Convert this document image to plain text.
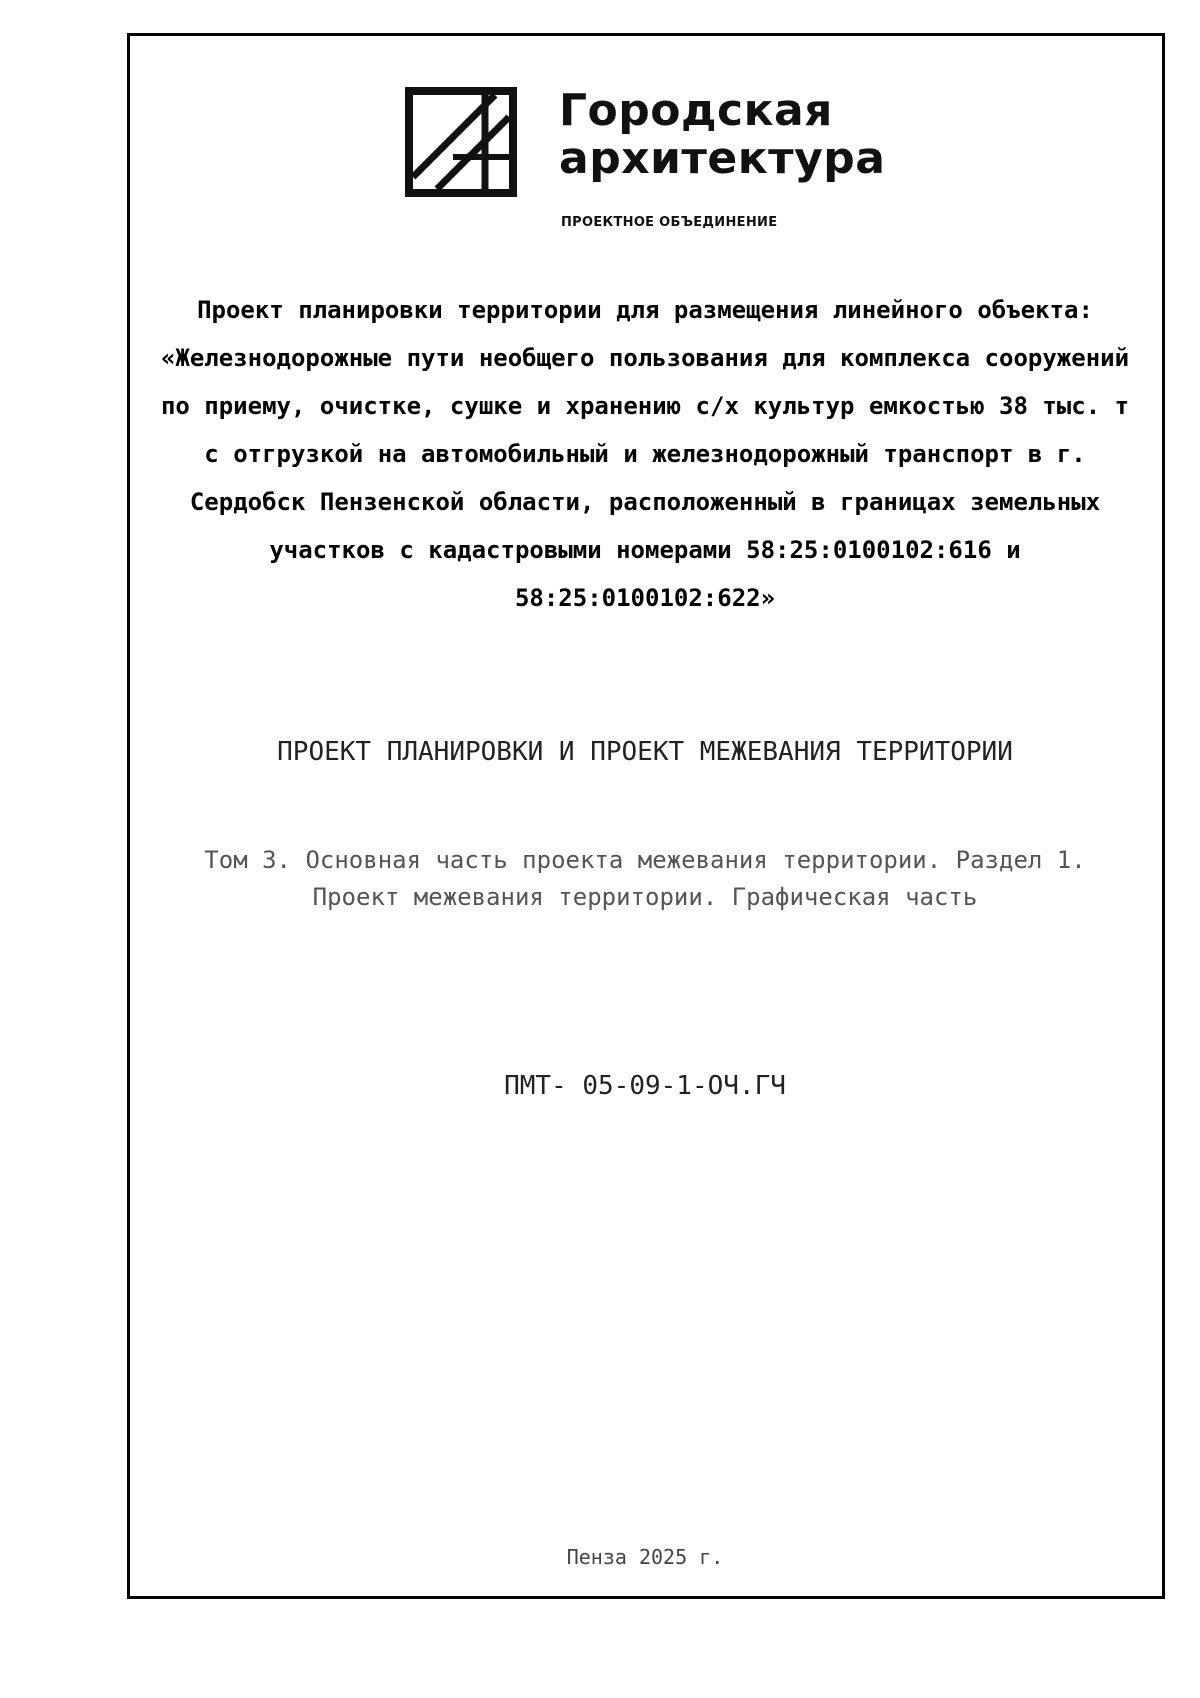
Городская
архитектура
ПРОЕКТНОЕ ОБЪЕДИНЕНИЕ

Проект планировки территории для размещения линейного объекта: «Железнодорожные пути необщего пользования для комплекса сооружений по приему, очистке, сушке и хранению с/х культур емкостью 38 тыс. т с отгрузкой на автомобильный и железнодорожный транспорт в г. Сердобск Пензенской области, расположенный в границах земельных участков с кадастровыми номерами 58:25:0100102:616 и 58:25:0100102:622»

ПРОЕКТ ПЛАНИРОВКИ И ПРОЕКТ МЕЖЕВАНИЯ ТЕРРИТОРИИ

Том 3. Основная часть проекта межевания территории. Раздел 1. Проект межевания территории. Графическая часть

ПМТ- 05-09-1-ОЧ.ГЧ

Пенза 2025 г.
